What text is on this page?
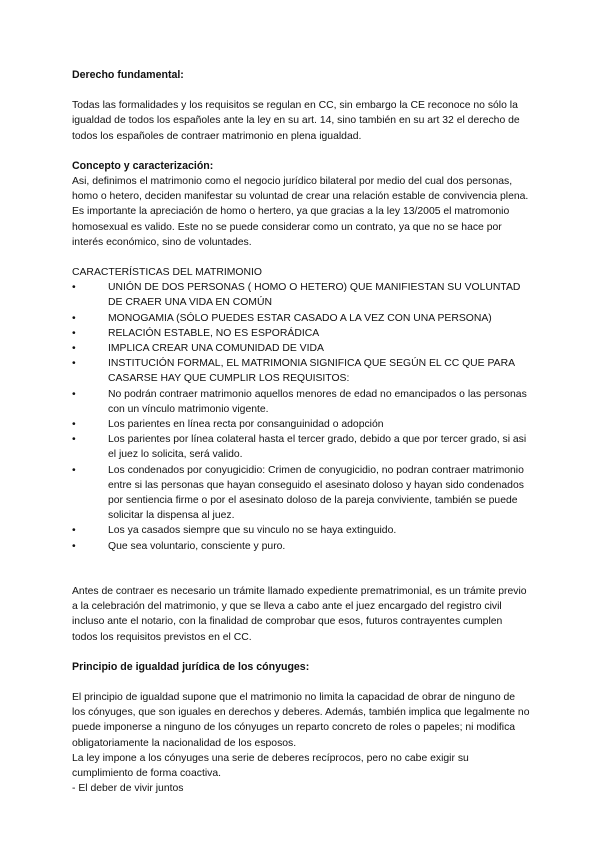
Derecho fundamental:

Todas las formalidades y los requisitos se regulan en CC, sin embargo la CE reconoce no sólo la igualdad de todos los españoles ante la ley en su art. 14, sino también en su art 32 el derecho de todos los españoles de contraer matrimonio en plena igualdad.

Concepto y caracterización:

Asi, definimos el matrimonio como el negocio jurídico bilateral por medio del cual dos personas, homo o hetero, deciden manifestar su voluntad de crear una relación estable de convivencia plena. Es importante la apreciación de homo o hertero, ya que gracias a la ley 13/2005 el matromonio homosexual es valido. Este no se puede considerar como un contrato, ya que no se hace por interés económico, sino de voluntades.

CARACTERÍSTICAS DEL MATRIMONIO

•	UNIÓN DE DOS PERSONAS ( HOMO O HETERO) QUE MANIFIESTAN SU VOLUNTAD DE CRAER UNA VIDA EN COMÚN
•	MONOGAMIA (SÓLO PUEDES ESTAR CASADO A LA VEZ CON UNA PERSONA)
•	RELACIÓN ESTABLE, NO ES ESPORÁDICA
•	IMPLICA CREAR UNA COMUNIDAD DE VIDA
•	INSTITUCIÓN FORMAL, EL MATRIMONIA SIGNIFICA QUE SEGÚN EL CC QUE PARA CASARSE HAY QUE CUMPLIR LOS REQUISITOS:
•	No podrán contraer matrimonio aquellos menores de edad no emancipados o las personas con un vínculo matrimonio vigente.
•	Los parientes en línea recta por consanguinidad o adopción
•	Los parientes por línea colateral hasta el tercer grado, debido a que por tercer grado, si asi el juez lo solicita, será valido.
•	Los condenados por conyugicidio: Crimen de conyugicidio, no podran contraer matrimonio entre si las personas que hayan conseguido el asesinato doloso y hayan sido condenados por sentiencia firme o por el asesinato doloso de la pareja conviviente, también se puede solicitar la dispensa al juez.
•	Los ya casados siempre que su vinculo no se haya extinguido.
•	Que sea voluntario, consciente y puro.

Antes de contraer es necesario un trámite llamado expediente prematrimonial, es un trámite previo a la celebración del matrimonio, y que se lleva a cabo ante el juez encargado del registro civil incluso ante el notario, con la finalidad de comprobar que esos, futuros contrayentes cumplen todos los requisitos previstos en el CC.

Principio de igualdad jurídica de los cónyuges:

El principio de igualdad supone que el matrimonio no limita la capacidad de obrar de ninguno de los cónyuges, que son iguales en derechos y deberes. Además, también implica que legalmente no puede imponerse a ninguno de los cónyuges un reparto concreto de roles o papeles; ni modifica obligatoriamente la nacionalidad de los esposos.

La ley impone a los cónyuges una serie de deberes recíprocos, pero no cabe exigir su cumplimiento de forma coactiva.

- El deber de vivir juntos
